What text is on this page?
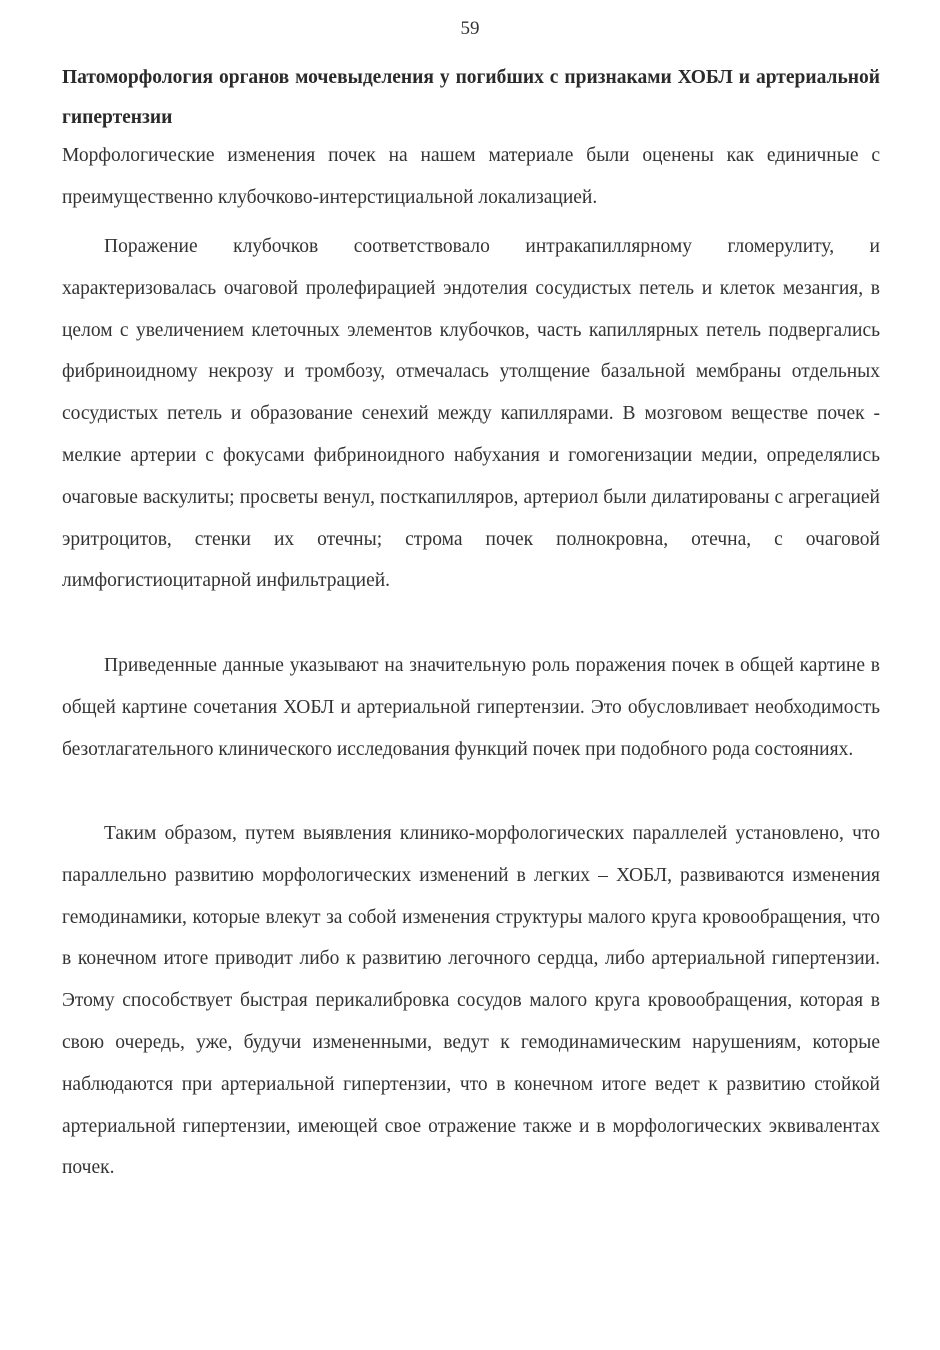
59
Патоморфология органов мочевыделения у погибших с признаками ХОБЛ и артериальной гипертензии

Морфологические изменения почек на нашем материале были оценены как единичные с преимущественно клубочково-интерстициальной локализацией.

Поражение клубочков соответствовало интракапиллярному гломерулиту, и характеризовалась очаговой пролефирацией эндотелия сосудистых петель и клеток мезангия, в целом с увеличением клеточных элементов клубочков, часть капиллярных петель подвергались фибриноидному некрозу и тромбозу, отмечалась утолщение базальной мембраны отдельных сосудистых петель и образование сенехий между капиллярами. В мозговом веществе почек - мелкие артерии с фокусами фибриноидного набухания и гомогенизации медии, определялись очаговые васкулиты; просветы венул, посткапилляров, артериол были дилатированы с агрегацией эритроцитов, стенки их отечны; строма почек полнокровна, отечна, с очаговой лимфогистиоцитарной инфильтрацией.

Приведенные данные указывают на значительную роль поражения почек в общей картине в общей картине сочетания ХОБЛ и артериальной гипертензии. Это обусловливает необходимость безотлагательного клинического исследования функций почек при подобного рода состояниях.

Таким образом, путем выявления клинико-морфологических параллелей установлено, что параллельно развитию морфологических изменений в легких – ХОБЛ, развиваются изменения гемодинамики, которые влекут за собой изменения структуры малого круга кровообращения, что в конечном итоге приводит либо к развитию легочного сердца, либо артериальной гипертензии. Этому способствует быстрая перикалибровка сосудов малого круга кровообращения, которая в свою очередь, уже, будучи измененными, ведут к гемодинамическим нарушениям, которые наблюдаются при артериальной гипертензии, что в конечном итоге ведет к развитию стойкой артериальной гипертензии, имеющей свое отражение также и в морфологических эквивалентах почек.
